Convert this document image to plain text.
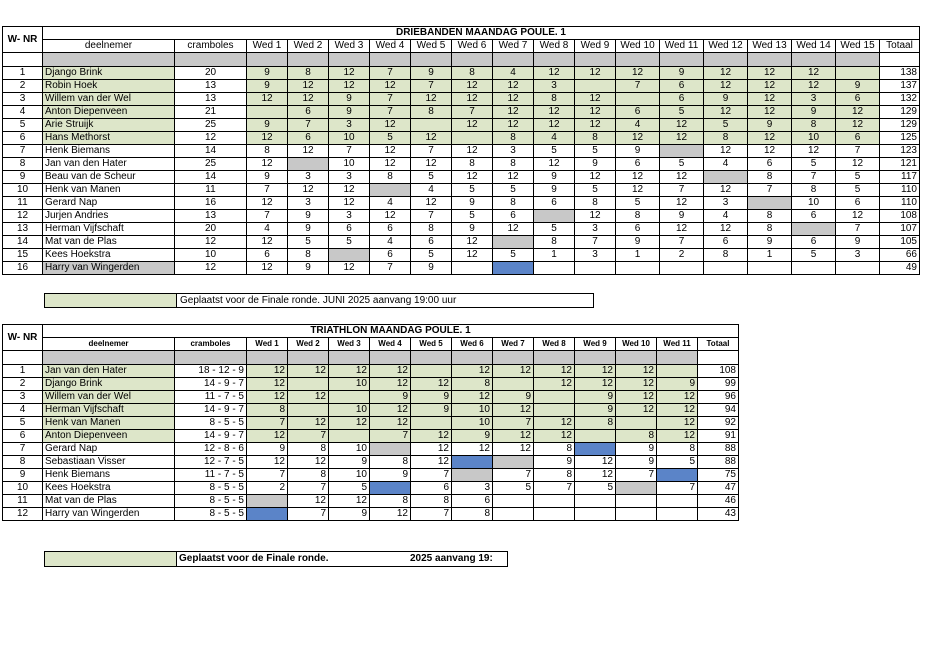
W- NR	DRIEBANDEN MAANDAG POULE. 1																	
	deelnemer	cramboles	Wed 1	Wed 2	Wed 3	Wed 4	Wed 5	Wed 6	Wed 7	Wed 8	Wed 9	Wed 10	Wed 11	Wed 12	Wed 13	Wed 14	Wed 15	Totaal

1	Django Brink	20	9	8	12	7	9	8	4	12	12	12	9	12	12	12		138
2	Robin Hoek	13	9	12	12	12	7	12	12	3		7	6	12	12	12	9	137
3	Willem van der Wel	13	12	12	9	7	12	12	12	8	12		6	9	12	3	6	132
4	Anton Diepenveen	21		6	9	7	8	7	12	12	12	6	5	12	12	9	12	129
5	Arie Struijk	25	9	7	3	12		12	12	12	12	4	12	5	9	8	12	129
6	Hans Methorst	12	12	6	10	5	12		8	4	8	12	12	8	12	10	6	125
7	Henk Biemans	14	8	12	7	12	7	12	3	5	5	9		12	12	12	7	123
8	Jan van den Hater	25	12		10	12	12	8	8	12	9	6	5	4	6	5	12	121
9	Beau van de Scheur	14	9	3	3	8	5	12	12	9	12	12	12		8	7	5	117
10	Henk van Manen	11	7	12	12		4	5	5	9	5	12	7	12	7	8	5	110
11	Gerard Nap	16	12	3	12	4	12	9	8	6	8	5	12	3		10	6	110
12	Jurjen Andries	13	7	9	3	12	7	5	6		12	8	9	4	8	6	12	108
13	Herman Vijfschaft	20	4	9	6	6	8	9	12	5	3	6	12	12	8		7	107
14	Mat van de Plas	12	12	5	5	4	6	12		8	7	9	7	6	9	6	9	105
15	Kees Hoekstra	10	6	8		6	5	12	5	1	3	1	2	8	1	5	3	66
16	Harry van Wingerden	12	12	9	12	7	9											49
Geplaatst voor de Finale ronde. JUNI 2025 aanvang 19:00 uur
W- NR	TRIATHLON MAANDAG POULE. 1													
	deelnemer	cramboles	Wed 1	Wed 2	Wed 3	Wed 4	Wed 5	Wed 6	Wed 7	Wed 8	Wed 9	Wed 10	Wed 11	Totaal

1	Jan van den Hater	18 - 12 - 9	12	12	12	12		12	12	12	12	12		108
2	Django Brink	14 - 9 - 7	12		10	12	12	8		12	12	12	9	99
3	Willem van der Wel	11 - 7 - 5	12	12		9	9	12	9		9	12	12	96
4	Herman Vijfschaft	14 - 9 - 7	8		10	12	9	10	12		9	12	12	94
5	Henk van Manen	8 - 5 - 5	7	12	12	12		10	7	12	8		12	92
6	Anton Diepenveen	14 - 9 - 7	12	7		7	12	9	12	12		8	12	91
7	Gerard Nap	12 - 8 - 6	9	8	10		12	12	12	8		9	8	88
8	Sebastiaan Visser	12 - 7 - 5	12	12	9	8	12			9	12	9	5	88
9	Henk Biemans	11 - 7 - 5	7	8	10	9	7		7	8	12	7		75
10	Kees Hoekstra	8 - 5 - 5	2	7	5		6	3	5	7	5		7	47
11	Mat van de Plas	8 - 5 - 5		12	12	8	8	6						46
12	Harry van Wingerden	8 - 5 - 5		7	9	12	7	8						43
Geplaatst voor de Finale ronde.	2025 aanvang 19:
